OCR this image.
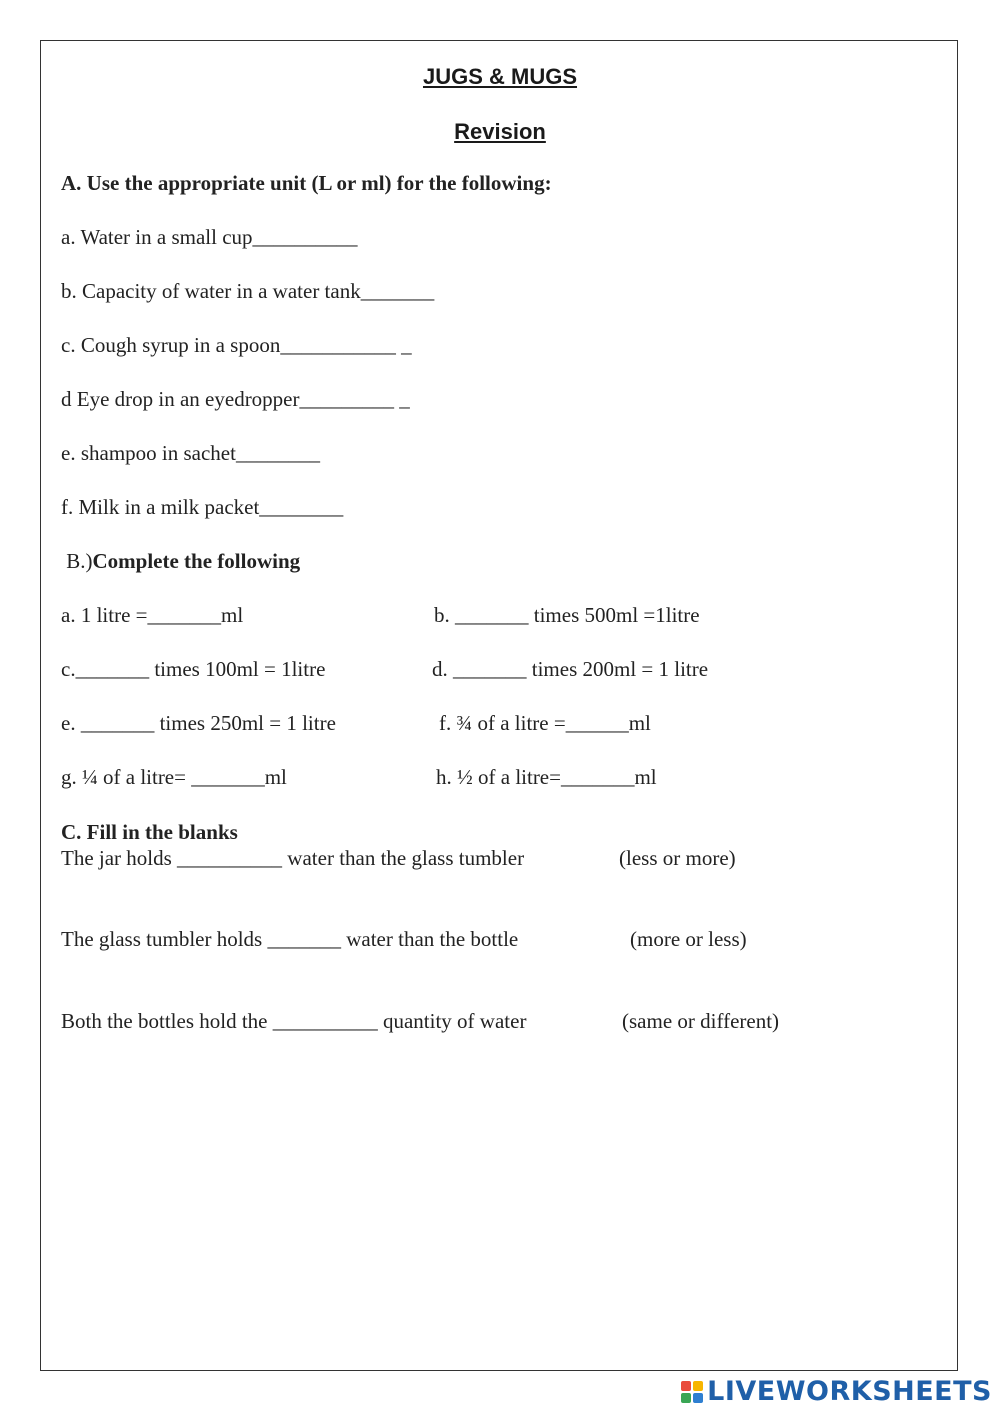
JUGS & MUGS
Revision
A. Use the appropriate unit (L or ml) for the following:
a. Water in a small cup__________
b. Capacity of water in a water tank_______
c. Cough syrup in a spoon___________ _
d Eye drop in an eyedropper_________ _
e. shampoo in sachet________
f. Milk in a milk packet________
B.)Complete the following
a. 1 litre =_______ml	b. _______ times 500ml =1litre
c._______ times 100ml = 1litre	d. _______ times 200ml = 1 litre
e. _______ times 250ml = 1 litre	f. ¾ of a litre =______ml
g. ¼ of a litre= _______ml	h. ½ of a litre=_______ml
C. Fill in the blanks
The jar holds __________ water than the glass tumbler	(less or more)
The glass tumbler holds _______ water than the bottle	(more or less)
Both the bottles hold the __________ quantity of water	(same or different)
LIVEWORKSHEETS
